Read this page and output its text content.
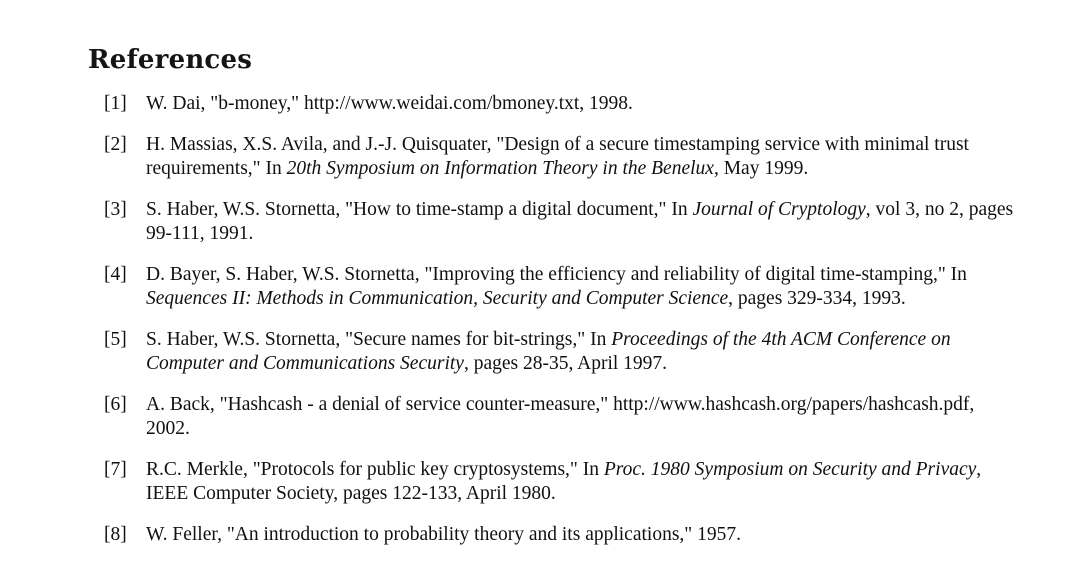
References
[1] W. Dai, "b-money," http://www.weidai.com/bmoney.txt, 1998.
[2] H. Massias, X.S. Avila, and J.-J. Quisquater, "Design of a secure timestamping service with minimal trust requirements," In 20th Symposium on Information Theory in the Benelux, May 1999.
[3] S. Haber, W.S. Stornetta, "How to time-stamp a digital document," In Journal of Cryptology, vol 3, no 2, pages 99-111, 1991.
[4] D. Bayer, S. Haber, W.S. Stornetta, "Improving the efficiency and reliability of digital time-stamping," In Sequences II: Methods in Communication, Security and Computer Science, pages 329-334, 1993.
[5] S. Haber, W.S. Stornetta, "Secure names for bit-strings," In Proceedings of the 4th ACM Conference on Computer and Communications Security, pages 28-35, April 1997.
[6] A. Back, "Hashcash - a denial of service counter-measure," http://www.hashcash.org/papers/hashcash.pdf, 2002.
[7] R.C. Merkle, "Protocols for public key cryptosystems," In Proc. 1980 Symposium on Security and Privacy, IEEE Computer Society, pages 122-133, April 1980.
[8] W. Feller, "An introduction to probability theory and its applications," 1957.
